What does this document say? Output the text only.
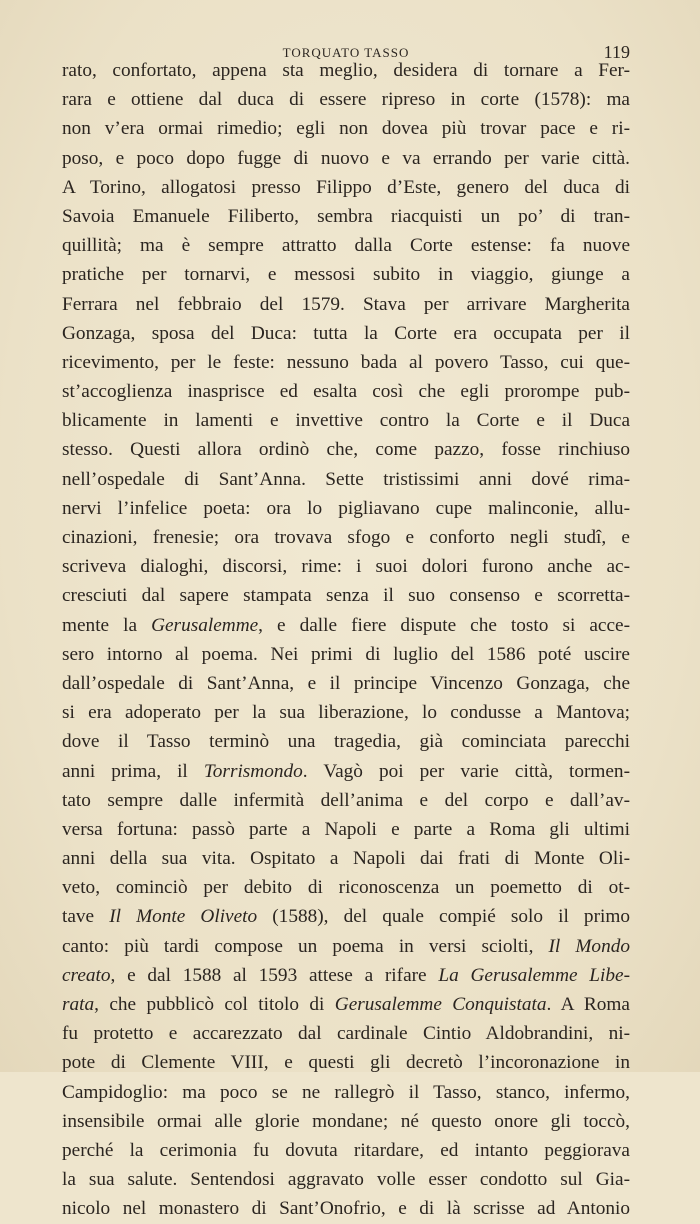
TORQUATO TASSO	119
rato, confortato, appena sta meglio, desidera di tornare a Fer-
rara e ottiene dal duca di essere ripreso in corte (1578): ma
non v’era ormai rimedio; egli non dovea più trovar pace e ri-
poso, e poco dopo fugge di nuovo e va errando per varie città.
A Torino, allogatosi presso Filippo d’Este, genero del duca di
Savoia Emanuele Filiberto, sembra riacquisti un po’ di tran-
quillità; ma è sempre attratto dalla Corte estense: fa nuove
pratiche per tornarvi, e messosi subito in viaggio, giunge a
Ferrara nel febbraio del 1579. Stava per arrivare Margherita
Gonzaga, sposa del Duca: tutta la Corte era occupata per il
ricevimento, per le feste: nessuno bada al povero Tasso, cui que-
st’accoglienza inasprisce ed esalta così che egli prorompe pub-
blicamente in lamenti e invettive contro la Corte e il Duca
stesso. Questi allora ordinò che, come pazzo, fosse rinchiuso
nell’ospedale di Sant’Anna. Sette tristissimi anni dové rima-
nervi l’infelice poeta: ora lo pigliavano cupe malinconie, allu-
cinazioni, frenesie; ora trovava sfogo e conforto negli studî, e
scriveva dialoghi, discorsi, rime: i suoi dolori furono anche ac-
cresciuti dal sapere stampata senza il suo consenso e scorretta-
mente la Gerusalemme, e dalle fiere dispute che tosto si acce-
sero intorno al poema. Nei primi di luglio del 1586 poté uscire
dall’ospedale di Sant’Anna, e il principe Vincenzo Gonzaga, che
si era adoperato per la sua liberazione, lo condusse a Mantova;
dove il Tasso terminò una tragedia, già cominciata parecchi
anni prima, il Torrismondo. Vagò poi per varie città, tormen-
tato sempre dalle infermità dell’anima e del corpo e dall’av-
versa fortuna: passò parte a Napoli e parte a Roma gli ultimi
anni della sua vita. Ospitato a Napoli dai frati di Monte Oli-
veto, cominciò per debito di riconoscenza un poemetto di ot-
tave Il Monte Oliveto (1588), del quale compié solo il primo
canto: più tardi compose un poema in versi sciolti, Il Mondo
creato, e dal 1588 al 1593 attese a rifare La Gerusalemme Libe-
rata, che pubblicò col titolo di Gerusalemme Conquistata. A Roma
fu protetto e accarezzato dal cardinale Cintio Aldobrandini, ni-
pote di Clemente VIII, e questi gli decretò l’incoronazione in
Campidoglio: ma poco se ne rallegrò il Tasso, stanco, infermo,
insensibile ormai alle glorie mondane; né questo onore gli toccò,
perché la cerimonia fu dovuta ritardare, ed intanto peggiorava
la sua salute. Sentendosi aggravato volle esser condotto sul Gia-
nicolo nel monastero di Sant’Onofrio, e di là scrisse ad Antonio
